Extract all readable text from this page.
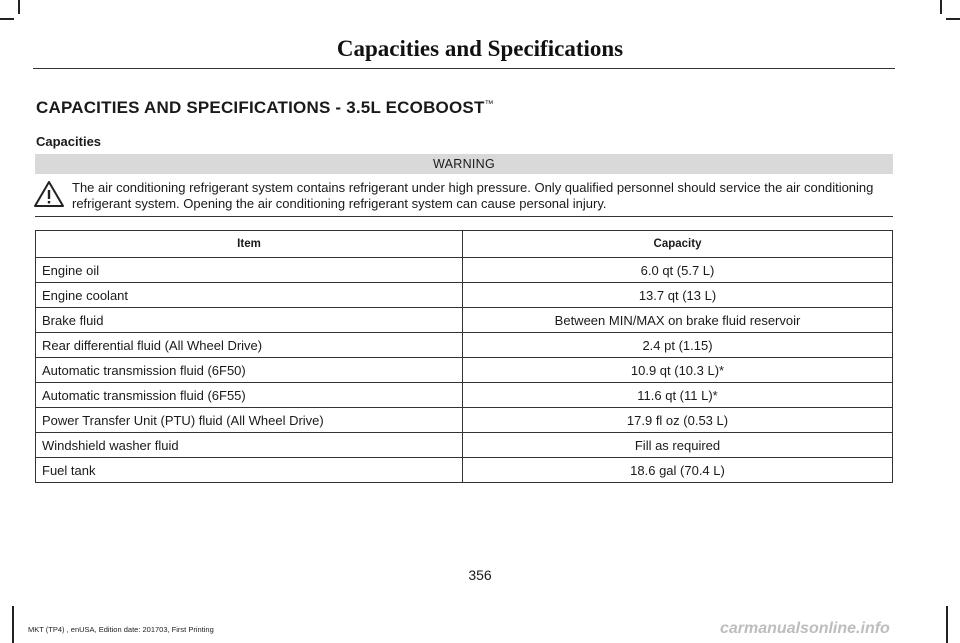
Capacities and Specifications
CAPACITIES AND SPECIFICATIONS - 3.5L ECOBOOST™
Capacities
WARNING
The air conditioning refrigerant system contains refrigerant under high pressure. Only qualified personnel should service the air conditioning refrigerant system. Opening the air conditioning refrigerant system can cause personal injury.
Item	Capacity
Engine oil	6.0 qt (5.7 L)
Engine coolant	13.7 qt (13 L)
Brake fluid	Between MIN/MAX on brake fluid reservoir
Rear differential fluid (All Wheel Drive)	2.4 pt (1.15)
Automatic transmission fluid (6F50)	10.9 qt (10.3 L)*
Automatic transmission fluid (6F55)	11.6 qt (11 L)*
Power Transfer Unit (PTU) fluid (All Wheel Drive)	17.9 fl oz (0.53 L)
Windshield washer fluid	Fill as required
Fuel tank	18.6 gal (70.4 L)
356
MKT (TP4) , enUSA, Edition date: 201703, First Printing	carmanualsonline.info
